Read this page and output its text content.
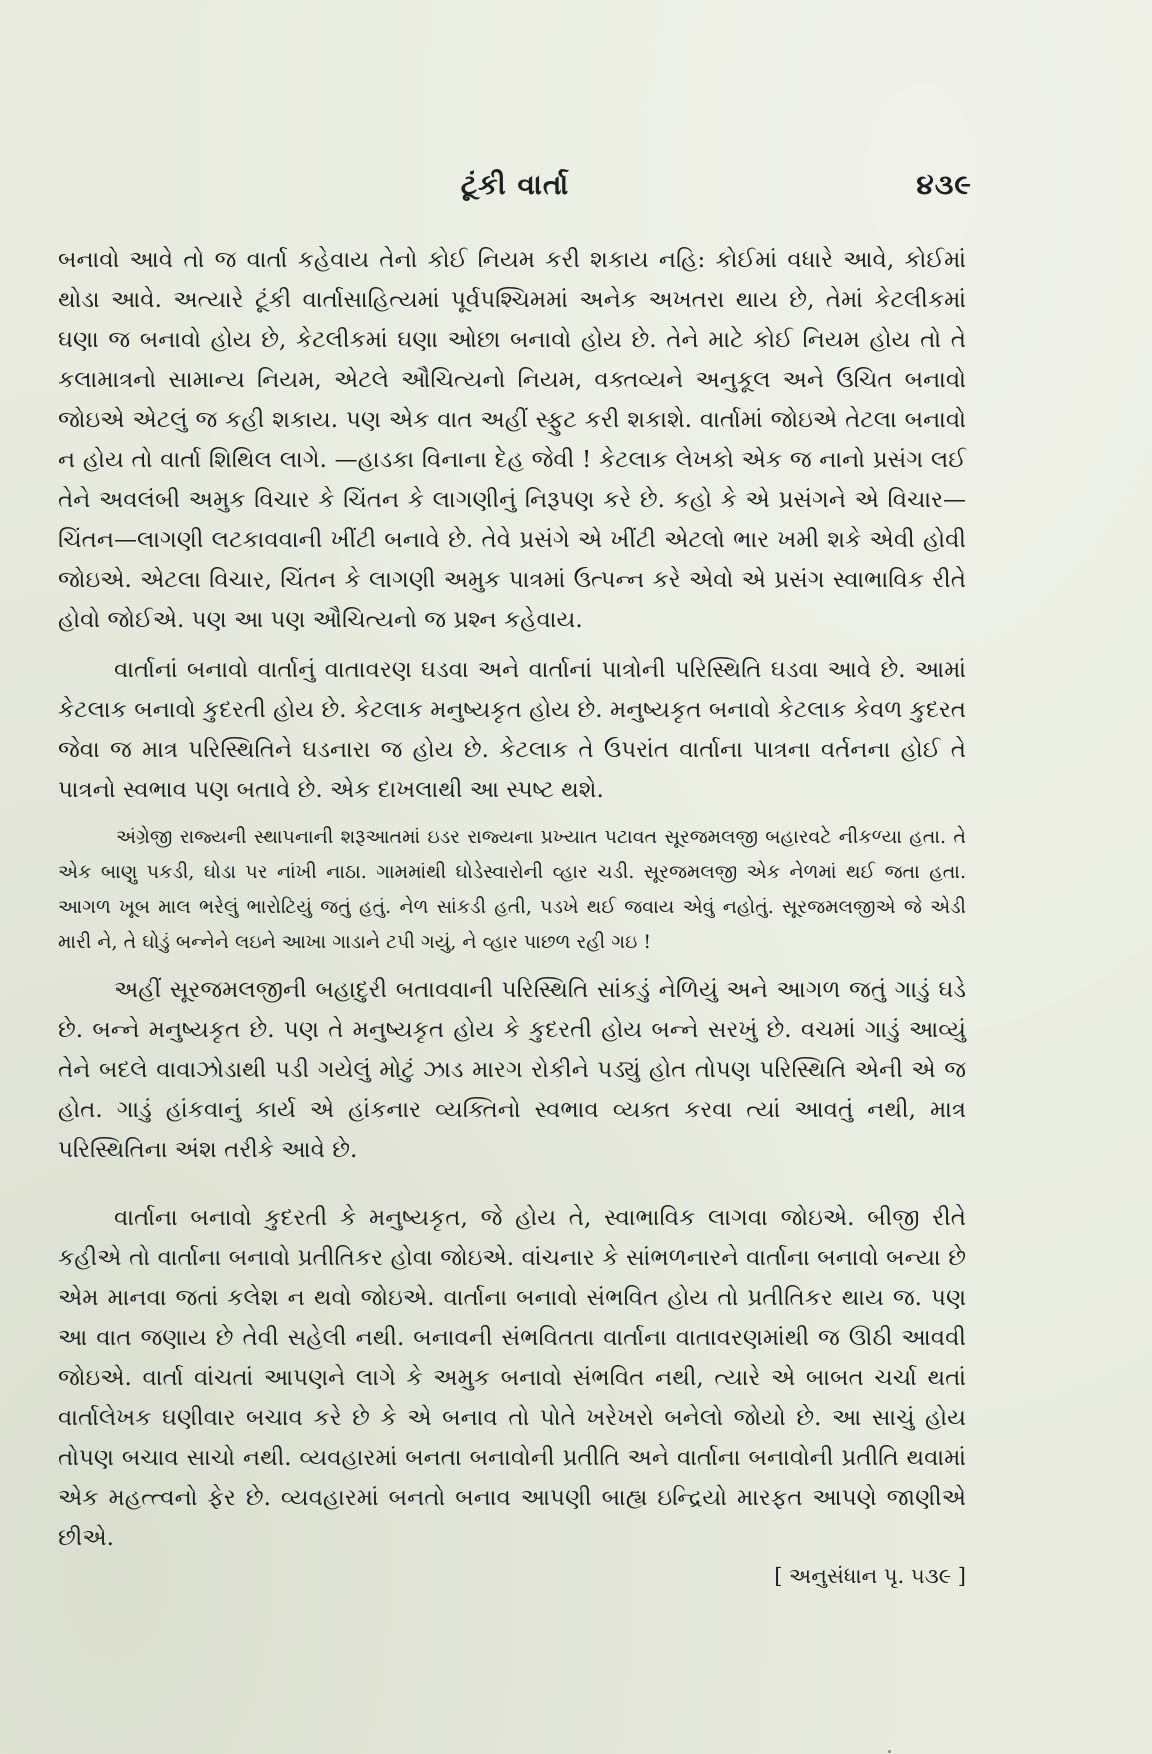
ટૂંકી વાર્તા	૪૩૯

બનાવો આવે તો જ વાર્તા કહેવાય તેનો કોઈ નિયમ કરી શકાય નહિ: કોઈમાં વધારે આવે, કોઈમાં થોડા આવે. અત્યારે ટૂંકી વાર્તાસાહિત્યમાં પૂર્વપશ્ચિમમાં અનેક અખતરા થાય છે, તેમાં કેટલીકમાં ઘણા જ બનાવો હોય છે, કેટલીકમાં ઘણા ઓછા બનાવો હોય છે. તેને માટે કોઈ નિયમ હોય તો તે કલામાત્રનો સામાન્ય નિયમ, એટલે ઔચિત્યનો નિયમ, વક્તવ્યને અનુકૂલ અને ઉચિત બનાવો જોઇએ એટલું જ કહી શકાય. પણ એક વાત અહીં સ્ફુટ કરી શકાશે. વાર્તામાં જોઇએ તેટલા બનાવો ન હોય તો વાર્તા શિથિલ લાગે. —હાડકા વિનાના દેહ જેવી ! કેટલાક લેખકો એક જ નાનો પ્રસંગ લઈ તેને અવલંબી અમુક વિચાર કે ચિંતન કે લાગણીનું નિરૂપણ કરે છે. કહો કે એ પ્રસંગને એ વિચાર—ચિંતન—લાગણી લટકાવવાની ખીંટી બનાવે છે. તેવે પ્રસંગે એ ખીંટી એટલો ભાર ખમી શકે એવી હોવી જોઇએ. એટલા વિચાર, ચિંતન કે લાગણી અમુક પાત્રમાં ઉત્પન્ન કરે એવો એ પ્રસંગ સ્વાભાવિક રીતે હોવો જોઈએ. પણ આ પણ ઔચિત્યનો જ પ્રશ્ન કહેવાય.

વાર્તાનાં બનાવો વાર્તાનું વાતાવરણ ઘડવા અને વાર્તાનાં પાત્રોની પરિસ્થિતિ ઘડવા આવે છે. આમાં કેટલાક બનાવો કુદરતી હોય છે. કેટલાક મનુષ્યકૃત હોય છે. મનુષ્યકૃત બનાવો કેટલાક કેવળ કુદરત જેવા જ માત્ર પરિસ્થિતિને ઘડનારા જ હોય છે. કેટલાક તે ઉપરાંત વાર્તાના પાત્રના વર્તનના હોઈ તે પાત્રનો સ્વભાવ પણ બતાવે છે. એક દાખલાથી આ સ્પષ્ટ થશે.

અંગ્રેજી રાજ્યની સ્થાપનાની શરૂઆતમાં ઇડર રાજ્યના પ્રખ્યાત પટાવત સૂરજમલજી બહારવટે નીકળ્યા હતા. તે એક બાણુ પકડી, ઘોડા પર નાંખી નાઠા. ગામમાંથી ઘોડેસ્વારોની વ્હાર ચડી. સૂરજમલજી એક નેળમાં થઈ જતા હતા. આગળ ખૂબ માલ ભરેલું ભારોટિયું જતું હતું. નેળ સાંકડી હતી, પડખે થઈ જવાય એવું નહોતું. સૂરજમલજીએ જે એડી મારી ને, તે ઘોડું બન્નેને લઇને આખા ગાડાને ટપી ગયું, ને વ્હાર પાછળ રહી ગઇ !

અહીં સૂરજમલજીની બહાદુરી બતાવવાની પરિસ્થિતિ સાંકડું નેળિયું અને આગળ જતું ગાડું ઘડે છે. બન્ને મનુષ્યકૃત છે. પણ તે મનુષ્યકૃત હોય કે કુદરતી હોય બન્ને સરખું છે. વચમાં ગાડું આવ્યું તેને બદલે વાવાઝોડાથી પડી ગયેલું મોટું ઝાડ મારગ રોકીને પડ્યું હોત તોપણ પરિસ્થિતિ એની એ જ હોત. ગાડું હાંકવાનું કાર્ય એ હાંકનાર વ્યક્તિનો સ્વભાવ વ્યક્ત કરવા ત્યાં આવતું નથી, માત્ર પરિસ્થિતિના અંશ તરીકે આવે છે.

વાર્તાના બનાવો કુદરતી કે મનુષ્યકૃત, જે હોય તે, સ્વાભાવિક લાગવા જોઇએ. બીજી રીતે કહીએ તો વાર્તાના બનાવો પ્રતીતિકર હોવા જોઇએ. વાંચનાર કે સાંભળનારને વાર્તાના બનાવો બન્યા છે એમ માનવા જતાં કલેશ ન થવો જોઇએ. વાર્તાના બનાવો સંભવિત હોય તો પ્રતીતિકર થાય જ. પણ આ વાત જણાય છે તેવી સહેલી નથી. બનાવની સંભવિતતા વાર્તાના વાતાવરણમાંથી જ ઊઠી આવવી જોઇએ. વાર્તા વાંચતાં આપણને લાગે કે અમુક બનાવો સંભવિત નથી, ત્યારે એ બાબત ચર્ચા થતાં વાર્તાલેખક ઘણીવાર બચાવ કરે છે કે એ બનાવ તો પોતે ખરેખરો બનેલો જોયો છે. આ સાચું હોય તોપણ બચાવ સાચો નથી. વ્યવહારમાં બનતા બનાવોની પ્રતીતિ અને વાર્તાના બનાવોની પ્રતીતિ થવામાં એક મહત્ત્વનો ફેર છે. વ્યવહારમાં બનતો બનાવ આપણી બાહ્ય ઇન્દ્રિયો મારફત આપણે જાણીએ છીએ.

[ અનુસંધાન પૃ. ૫૩૯ ]
